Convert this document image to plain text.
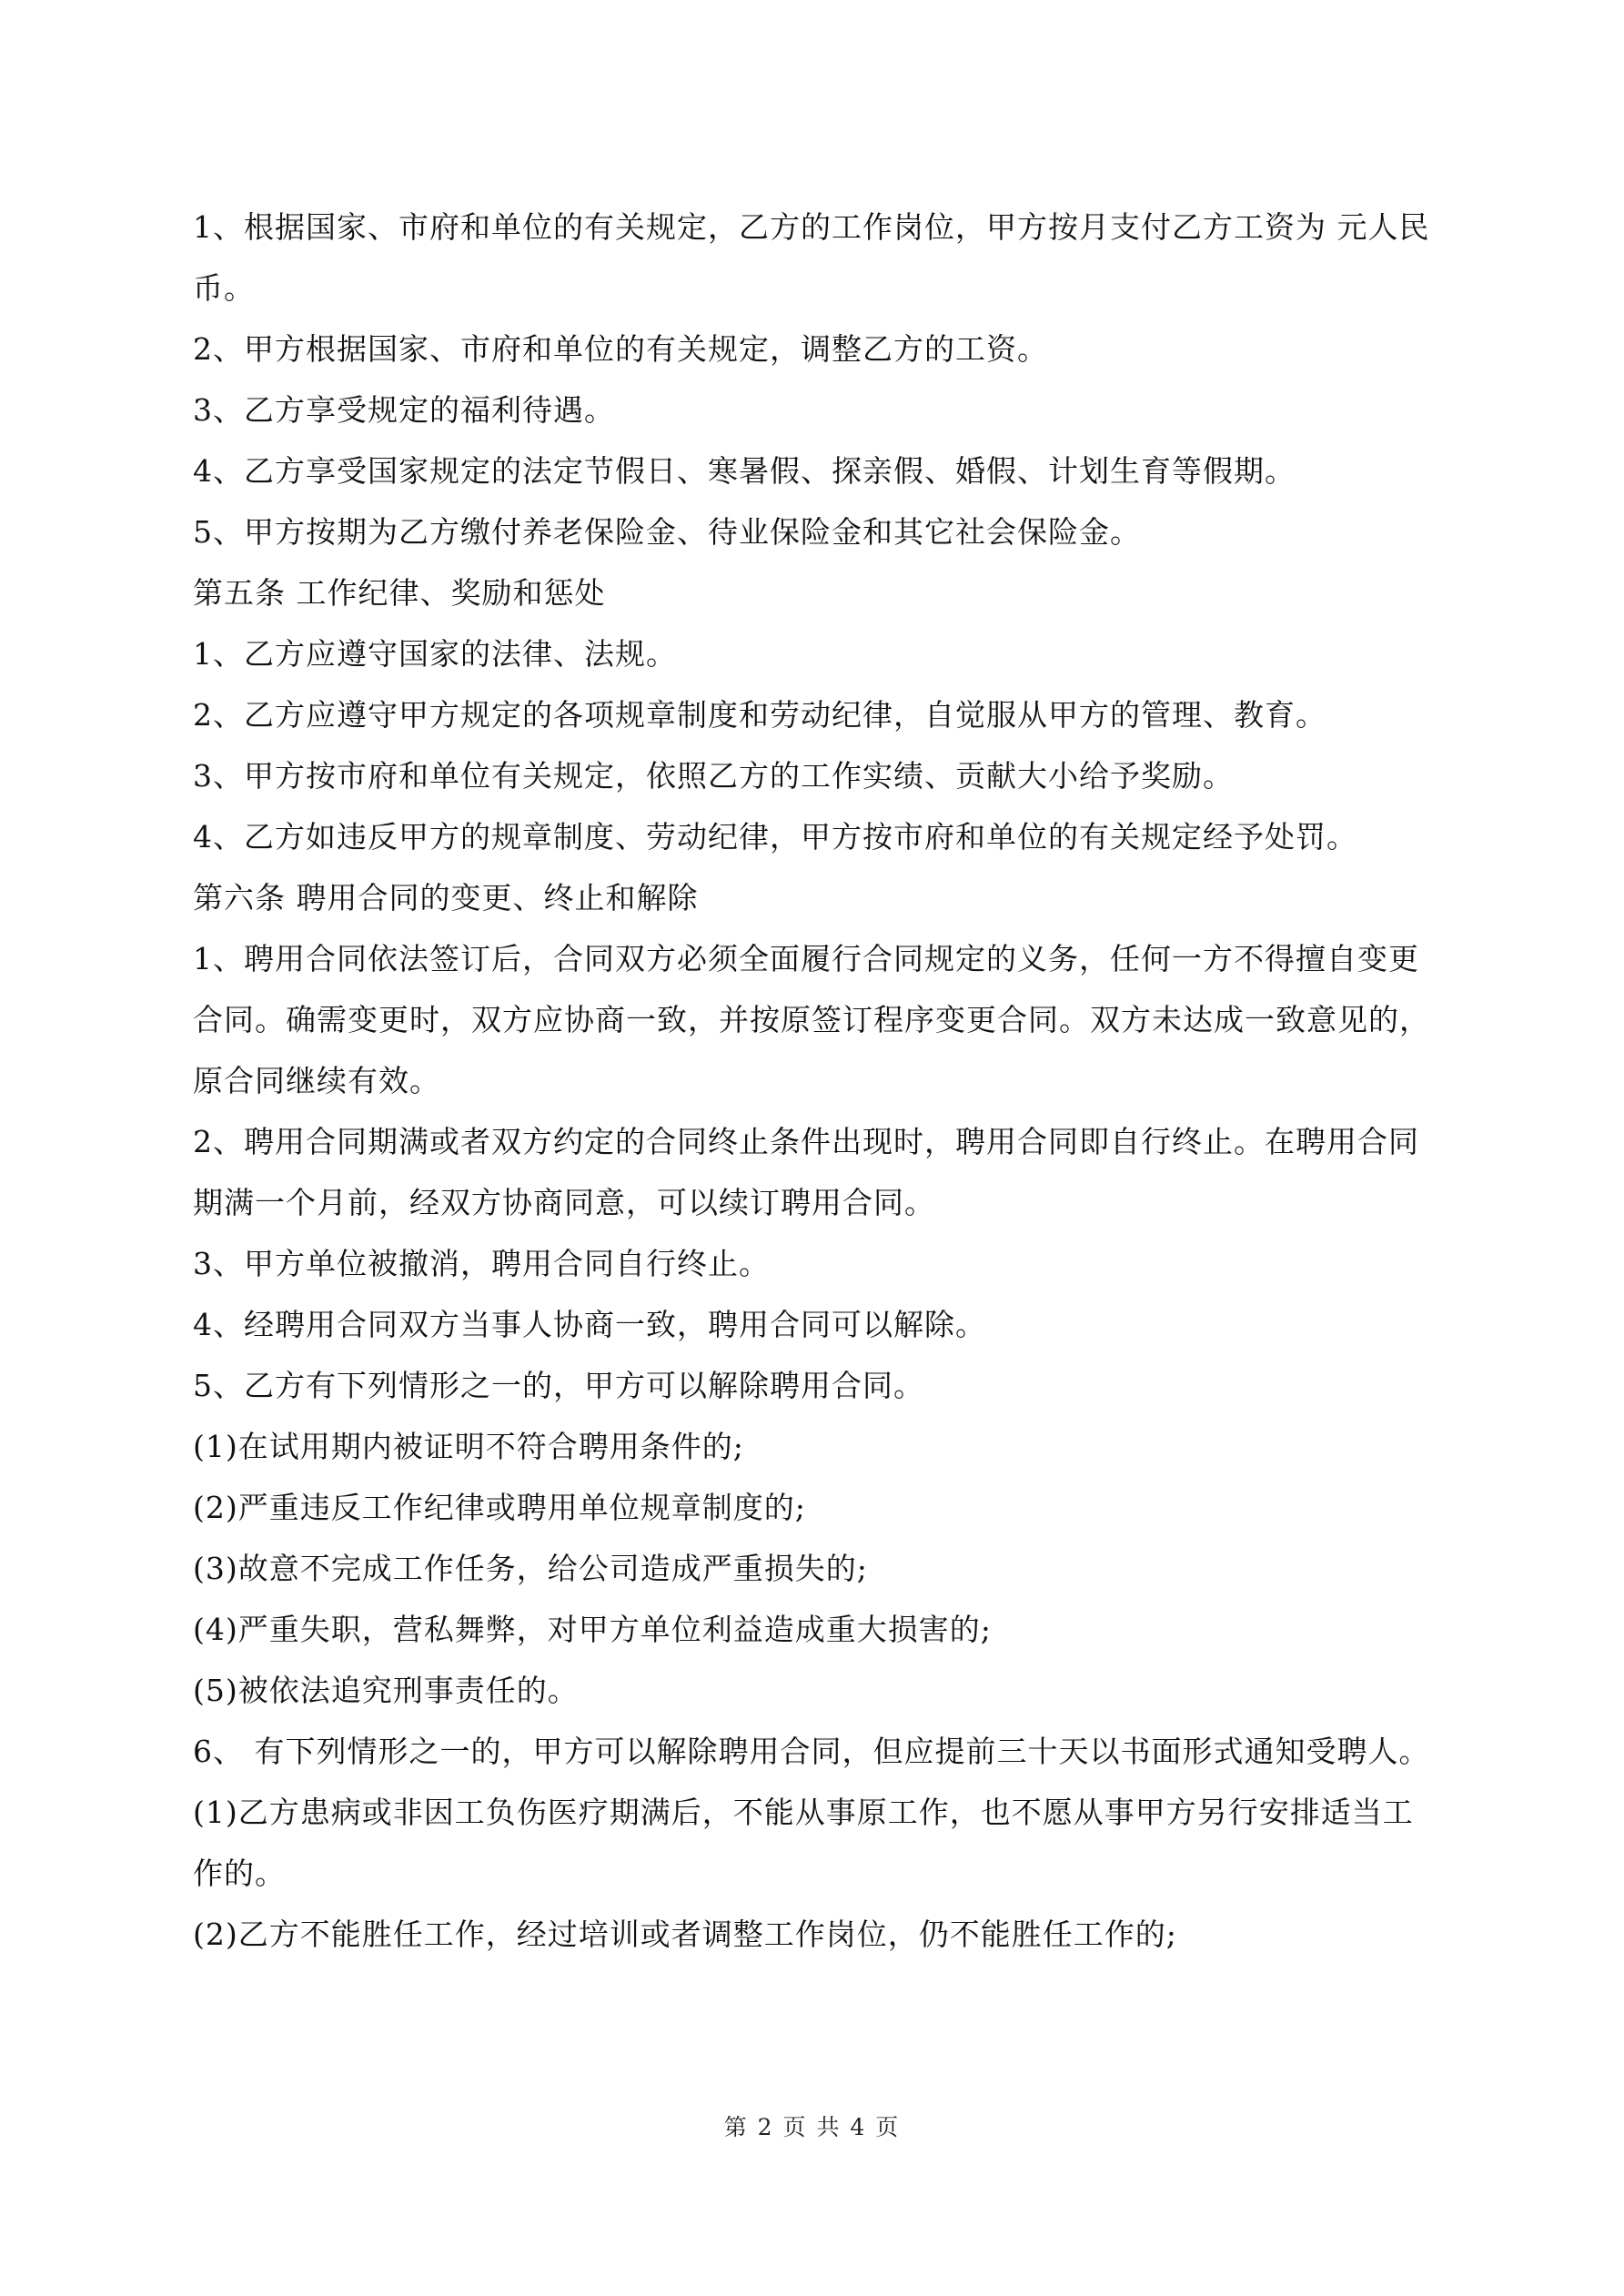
1、根据国家、市府和单位的有关规定，乙方的工作岗位，甲方按月支付乙方工资为 元人民币。

2、甲方根据国家、市府和单位的有关规定，调整乙方的工资。

3、乙方享受规定的福利待遇。

4、乙方享受国家规定的法定节假日、寒暑假、探亲假、婚假、计划生育等假期。

5、甲方按期为乙方缴付养老保险金、待业保险金和其它社会保险金。

第五条 工作纪律、奖励和惩处

1、乙方应遵守国家的法律、法规。

2、乙方应遵守甲方规定的各项规章制度和劳动纪律，自觉服从甲方的管理、教育。

3、甲方按市府和单位有关规定，依照乙方的工作实绩、贡献大小给予奖励。

4、乙方如违反甲方的规章制度、劳动纪律，甲方按市府和单位的有关规定经予处罚。

第六条 聘用合同的变更、终止和解除

1、聘用合同依法签订后，合同双方必须全面履行合同规定的义务，任何一方不得擅自变更合同。确需变更时，双方应协商一致，并按原签订程序变更合同。双方未达成一致意见的，原合同继续有效。

2、聘用合同期满或者双方约定的合同终止条件出现时，聘用合同即自行终止。在聘用合同期满一个月前，经双方协商同意，可以续订聘用合同。

3、甲方单位被撤消，聘用合同自行终止。

4、经聘用合同双方当事人协商一致，聘用合同可以解除。

5、乙方有下列情形之一的，甲方可以解除聘用合同。

(1)在试用期内被证明不符合聘用条件的;

(2)严重违反工作纪律或聘用单位规章制度的;

(3)故意不完成工作任务，给公司造成严重损失的;

(4)严重失职，营私舞弊，对甲方单位利益造成重大损害的;

(5)被依法追究刑事责任的。

6、 有下列情形之一的，甲方可以解除聘用合同，但应提前三十天以书面形式通知受聘人。

(1)乙方患病或非因工负伤医疗期满后，不能从事原工作，也不愿从事甲方另行安排适当工作的。

(2)乙方不能胜任工作，经过培训或者调整工作岗位，仍不能胜任工作的;

第 2 页 共 4 页
